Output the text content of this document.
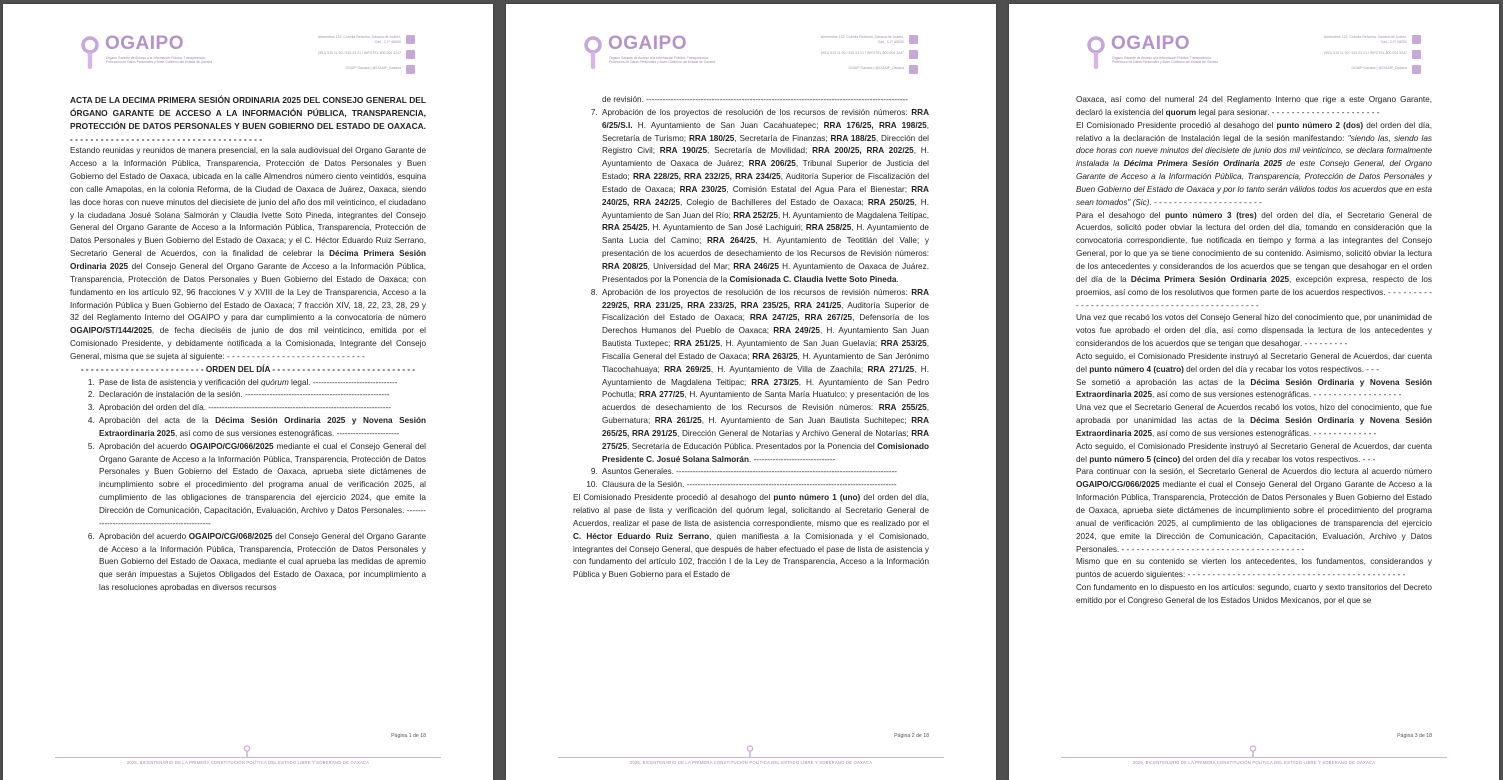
OGAIPO
Órgano Garante de Acceso a la Información Pública, Transparencia, Protección de Datos Personales y Buen Gobierno del Estado de Oaxaca
Almendros 122, Colonia Reforma, Oaxaca de Juárez, Oax., C.P. 68050
(951) 515 11 90 / 515 23 21 / INFOTEL 800 004 3247
OGAIP Oaxaca | @OGAIP_Oaxaca

ACTA DE LA DECIMA PRIMERA SESIÓN ORDINARIA 2025 DEL CONSEJO GENERAL DEL ÓRGANO GARANTE DE ACCESO A LA INFORMACIÓN PÚBLICA, TRANSPARENCIA, PROTECCIÓN DE DATOS PERSONALES Y BUEN GOBIERNO DEL ESTADO DE OAXACA. - - - - - - - - - - - - - - - - - - - - - - - - - - - - - - - - - - - - - -

Estando reunidas y reunidos de manera presencial, en la sala audiovisual del Organo Garante de Acceso a la Información Pública, Transparencia, Protección de Datos Personales y Buen Gobierno del Estado de Oaxaca, ubicada en la calle Almendros número ciento veintidós, esquina con calle Amapolas, en la colonia Reforma, de la Ciudad de Oaxaca de Juárez, Oaxaca, siendo las doce horas con nueve minutos del diecisiete de junio del año dos mil veinticinco, el ciudadano y la ciudadana Josué Solana Salmorán y Claudia Ivette Soto Pineda, integrantes del Consejo General del Organo Garante de Acceso a la Información Pública, Transparencia, Protección de Datos Personales y Buen Gobierno del Estado de Oaxaca; y el C. Héctor Eduardo Ruiz Serrano, Secretario General de Acuerdos, con la finalidad de celebrar la Décima Primera Sesión Ordinaria 2025 del Consejo General del Organo Garante de Acceso a la Información Pública, Transparencia, Protección de Datos Personales y Buen Gobierno del Estado de Oaxaca; con fundamento en los artículo 92, 96 fracciones V y XVIII de la Ley de Transparencia, Acceso a la Información Pública y Buen Gobierno del Estado de Oaxaca; 7 fracción XIV, 18, 22, 23, 28, 29 y 32 del Reglamento Interno del OGAIPO y para dar cumplimiento a la convocatoria de número OGAIPO/ST/144/2025, de fecha dieciséis de junio de dos mil veinticinco, emitida por el Comisionado Presidente, y debidamente notificada a la Comisionada, Integrante del Consejo General, misma que se sujeta al siguiente: - - - - - - - - - - - - - - - - - - - - - - - - - - - -

- - - - - - - - - - - - - - - - - - - - - - - - - ORDEN DEL DÍA - - - - - - - - - - - - - - - - - - - - - - - - - - - - -

1. Pase de lista de asistencia y verificación del quórum legal. -------------------------------
2. Declaración de instalación de la sesión. -----------------------------------------------------
3. Aprobación del orden del día. -------------------------------------------------------------------
4. Aprobación del acta de la Décima Sesión Ordinaria 2025 y Novena Sesión Extraordinaria 2025, así como de sus versiones estenográficas. -----------------------
5. Aprobación del acuerdo OGAIPO/CG/066/2025 mediante el cual el Consejo General del Órgano Garante de Acceso a la Información Pública, Transparencia, Protección de Datos Personales y Buen Gobierno del Estado de Oaxaca, aprueba siete dictámenes de incumplimiento sobre el procedimiento del programa anual de verificación 2025, al cumplimiento de las obligaciones de transparencia del ejercicio 2024, que emite la Dirección de Comunicación, Capacitación, Evaluación, Archivo y Datos Personales. ------------------------------------------------
6. Aprobación del acuerdo OGAIPO/CG/068/2025 del Consejo General del Organo Garante de Acceso a la Información Pública, Transparencia, Protección de Datos Personales y Buen Gobierno del Estado de Oaxaca, mediante el cual aprueba las medidas de apremio que serán impuestas a Sujetos Obligados del Estado de Oaxaca, por incumplimiento a las resoluciones aprobadas en diversos recursos
Página 1 de 18
2025, BICENTENARIO DE LA PRIMERA CONSTITUCIÓN POLÍTICA DEL ESTADO LIBRE Y SOBERANO DE OAXACA
OGAIPO
Órgano Garante de Acceso a la Información Pública, Transparencia, Protección de Datos Personales y Buen Gobierno del Estado de Oaxaca
Almendros 122, Colonia Reforma, Oaxaca de Juárez, Oax., C.P. 68050
(951) 515 11 90 / 515 23 21 / INFOTEL 800 004 3247
OGAIP Oaxaca | @OGAIP_Oaxaca

de revisión. ------------------------------------------------------------------------------------------------

7. Aprobación de los proyectos de resolución de los recursos de revisión números: RRA 6/25/S.I. H. Ayuntamiento de San Juan Cacahuatepec; RRA 176/25, RRA 198/25, Secretaría de Turismo; RRA 180/25, Secretaría de Finanzas; RRA 188/25, Dirección del Registro Civil; RRA 190/25, Secretaría de Movilidad; RRA 200/25, RRA 202/25, H. Ayuntamiento de Oaxaca de Juárez; RRA 206/25, Tribunal Superior de Justicia del Estado; RRA 228/25, RRA 232/25, RRA 234/25, Auditoría Superior de Fiscalización del Estado de Oaxaca; RRA 230/25, Comisión Estatal del Agua Para el Bienestar; RRA 240/25, RRA 242/25, Colegio de Bachilleres del Estado de Oaxaca; RRA 250/25, H. Ayuntamiento de San Juan del Río; RRA 252/25, H. Ayuntamiento de Magdalena Teitipac, RRA 254/25, H. Ayuntamiento de San José Lachiguiri; RRA 258/25, H. Ayuntamiento de Santa Lucia del Camino; RRA 264/25, H. Ayuntamiento de Teotitlán del Valle; y presentación de los acuerdos de desechamiento de los Recursos de Revisión números: RRA 208/25, Universidad del Mar; RRA 246/25 H. Ayuntamiento de Oaxaca de Juárez. Presentados por la Ponencia de la Comisionada C. Claudia Ivette Soto Pineda.
8. Aprobación de los proyectos de resolución de los recursos de revisión números: RRA 229/25, RRA 231/25, RRA 233/25, RRA 235/25, RRA 241/25, Auditoría Superior de Fiscalización del Estado de Oaxaca; RRA 247/25, RRA 267/25, Defensoría de los Derechos Humanos del Pueblo de Oaxaca; RRA 249/25, H. Ayuntamiento San Juan Bautista Tuxtepec; RRA 251/25, H. Ayuntamiento de San Juan Guelavía; RRA 253/25, Fiscalía General del Estado de Oaxaca; RRA 263/25, H. Ayuntamiento de San Jerónimo Tlacochahuaya; RRA 269/25, H. Ayuntamiento de Villa de Zaachila; RRA 271/25, H. Ayuntamiento de Magdalena Teitipac; RRA 273/25, H. Ayuntamiento de San Pedro Pochutla; RRA 277/25, H. Ayuntamiento de Santa María Huatulco; y presentación de los acuerdos de desechamiento de los Recursos de Revisión números: RRA 255/25, Gubernatura; RRA 261/25, H. Ayuntamiento de San Juan Bautista Suchitepec; RRA 265/25, RRA 291/25, Dirección General de Notarías y Archivo General de Notarías; RRA 275/25, Secretaría de Educación Pública. Presentados por la Ponencia del Comisionado Presidente C. Josué Solana Salmorán. ------------------------------
9. Asuntos Generales. ---------------------------------------------------------------------------------
10. Clausura de la Sesión. -----------------------------------------------------------------------------

El Comisionado Presidente procedió al desahogo del punto número 1 (uno) del orden del día, relativo al pase de lista y verificación del quórum legal, solicitando al Secretario General de Acuerdos, realizar el pase de lista de asistencia correspondiente, mismo que es realizado por el C. Héctor Eduardo Ruiz Serrano, quien manifiesta a la Comisionada y el Comisionado, integrantes del Consejo General, que después de haber efectuado el pase de lista de asistencia y con fundamento del artículo 102, fracción I de la Ley de Transparencia, Acceso a la Información Pública y Buen Gobierno para el Estado de

Página 2 de 18
2025, BICENTENARIO DE LA PRIMERA CONSTITUCIÓN POLÍTICA DEL ESTADO LIBRE Y SOBERANO DE OAXACA
OGAIPO
Órgano Garante de Acceso a la Información Pública, Transparencia, Protección de Datos Personales y Buen Gobierno del Estado de Oaxaca
Almendros 122, Colonia Reforma, Oaxaca de Juárez, Oax., C.P. 68050
(951) 515 11 90 / 515 23 21 / INFOTEL 800 004 3247
OGAIP Oaxaca | @OGAIP_Oaxaca

Oaxaca, así como del numeral 24 del Reglamento Interno que rige a este Organo Garante, declaró la existencia del quorum legal para sesionar. - - - - - - - - - - - - - - - - - - - - - -

El Comisionado Presidente procedió al desahogo del punto número 2 (dos) del orden del día, relativo a la declaración de Instalación legal de la sesión manifestando: "siendo las, siendo las doce horas con nueve minutos del diecisiete de junio dos mil veinticinco, se declara formalmente instalada la Décima Primera Sesión Ordinaria 2025 de este Consejo General, del Organo Garante de Acceso a la Información Pública, Transparencia, Protección de Datos Personales y Buen Gobierno del Estado de Oaxaca y por lo tanto serán válidos todos los acuerdos que en esta sean tomados" (Sic). - - - - - - - - - - - - - - - - - - - - - -

Para el desahogo del punto número 3 (tres) del orden del día, el Secretario General de Acuerdos, solicitó poder obviar la lectura del orden del día, tomando en consideración que la convocatoria correspondiente, fue notificada en tiempo y forma a las integrantes del Consejo General, por lo que ya se tiene conocimiento de su contenido. Asimismo, solicitó obviar la lectura de los antecedentes y considerandos de los acuerdos que se tengan que desahogar en el orden del día de la Décima Primera Sesión Ordinaria 2025, excepción expresa, respecto de los proemios, así como de los resolutivos que formen parte de los acuerdos respectivos. - - - - - - - - - - - - - - - - - - - - - - - - - - - - - - - - - - - - - - - - - - - - - -

Una vez que recabó los votos del Consejo General hizo del conocimiento que, por unanimidad de votos fue aprobado el orden del día, así como dispensada la lectura de los antecedentes y considerandos de los acuerdos que se tengan que desahogar. - - - - - - - - -

Acto seguido, el Comisionado Presidente instruyó al Secretario General de Acuerdos, dar cuenta del punto número 4 (cuatro) del orden del día y recabar los votos respectivos. - - -

Se sometió a aprobación las actas de la Décima Sesión Ordinaria y Novena Sesión Extraordinaria 2025, así como de sus versiones estenográficas. - - - - - - - - - - - - - - - - - -

Una vez que el Secretario General de Acuerdos recabó los votos, hizo del conocimiento, que fue aprobada por unanimidad las actas de la Décima Sesión Ordinaria y Novena Sesión Extraordinaria 2025, así como de sus versiones estenográficas. - - - - - - - - - - - - -

Acto seguido, el Comisionado Presidente instruyó al Secretario General de Acuerdos, dar cuenta del punto número 5 (cinco) del orden del día y recabar los votos respectivos. - - -

Para continuar con la sesión, el Secretario General de Acuerdos dio lectura al acuerdo número OGAIPO/CG/066/2025 mediante el cual el Consejo General del Organo Garante de Acceso a la Información Pública, Transparencia, Protección de Datos Personales y Buen Gobierno del Estado de Oaxaca, aprueba siete dictámenes de incumplimiento sobre el procedimiento del programa anual de verificación 2025, al cumplimiento de las obligaciones de transparencia del ejercicio 2024, que emite la Dirección de Comunicación, Capacitación, Evaluación, Archivo y Datos Personales. - - - - - - - - - - - - - - - - - - - - - - - - - - - - - - - - - - - - -

Mismo que en su contenido se vierten los antecedentes, los fundamentos, considerandos y puntos de acuerdo siguientes: - - - - - - - - - - - - - - - - - - - - - - - - - - - - - - - - - - - - - - - - - - - -

Con fundamento en lo dispuesto en los artículos: segundo, cuarto y sexto transitorios del Decreto emitido por el Congreso General de los Estados Unidos Mexicanos, por el que se

Página 3 de 18
2025, BICENTENARIO DE LA PRIMERA CONSTITUCIÓN POLÍTICA DEL ESTADO LIBRE Y SOBERANO DE OAXACA
